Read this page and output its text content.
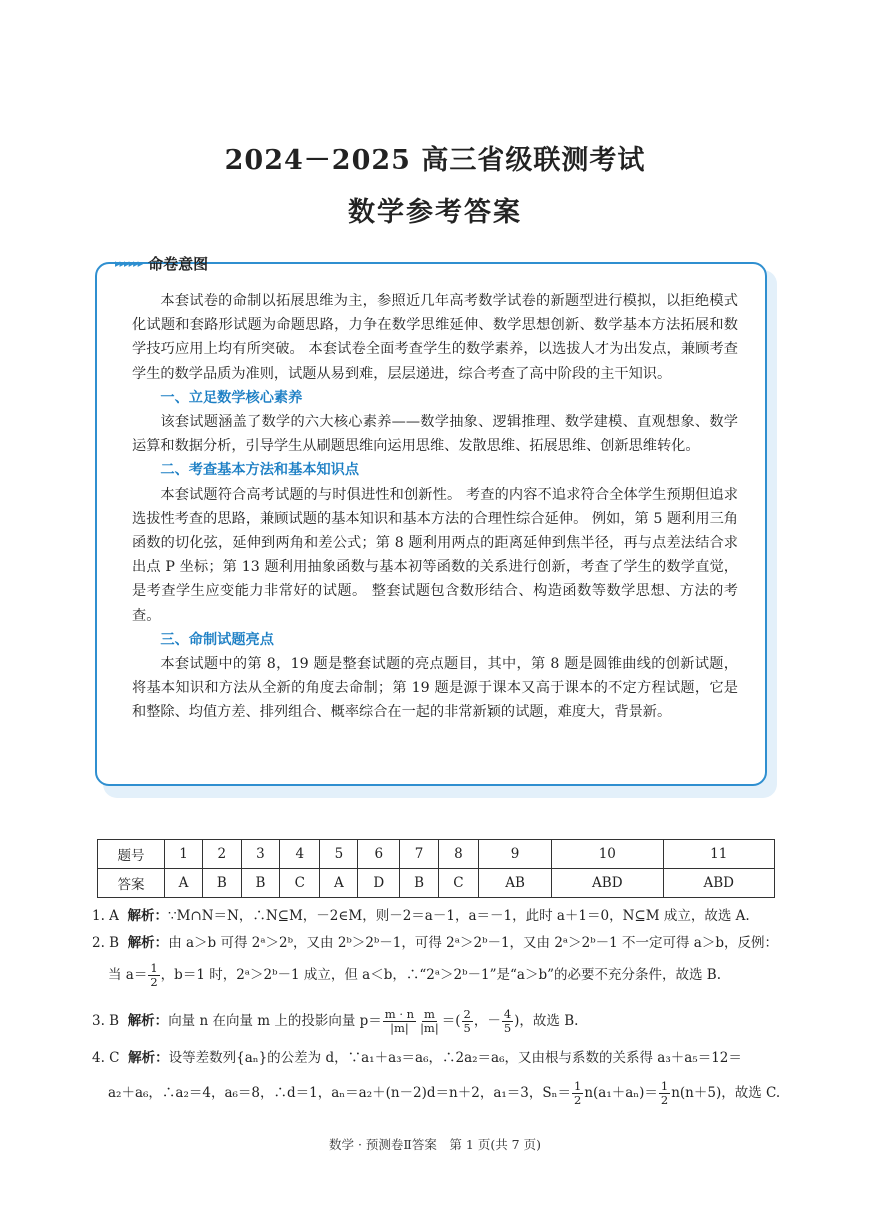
2024－2025 高三省级联测考试
数学参考答案
▸▸▸▸▸▸ 命卷意图

本套试卷的命制以拓展思维为主，参照近几年高考数学试卷的新题型进行模拟，以拒绝模式化试题和套路形试题为命题思路，力争在数学思维延伸、数学思想创新、数学基本方法拓展和数学技巧应用上均有所突破。 本套试卷全面考查学生的数学素养，以选拔人才为出发点，兼顾考查学生的数学品质为准则，试题从易到难，层层递进，综合考查了高中阶段的主干知识。

一、立足数学核心素养

该套试题涵盖了数学的六大核心素养——数学抽象、逻辑推理、数学建模、直观想象、数学运算和数据分析，引导学生从刷题思维向运用思维、发散思维、拓展思维、创新思维转化。

二、考查基本方法和基本知识点

本套试题符合高考试题的与时俱进性和创新性。 考查的内容不追求符合全体学生预期但追求选拔性考查的思路，兼顾试题的基本知识和基本方法的合理性综合延伸。 例如，第 5 题利用三角函数的切化弦，延伸到两角和差公式；第 8 题利用两点的距离延伸到焦半径，再与点差法结合求出点 P 坐标；第 13 题利用抽象函数与基本初等函数的关系进行创新，考查了学生的数学直觉，是考查学生应变能力非常好的试题。 整套试题包含数形结合、构造函数等数学思想、方法的考查。

三、命制试题亮点

本套试题中的第 8，19 题是整套试题的亮点题目，其中，第 8 题是圆锥曲线的创新试题，将基本知识和方法从全新的角度去命制；第 19 题是源于课本又高于课本的不定方程试题，它是和整除、均值方差、排列组合、概率综合在一起的非常新颖的试题，难度大，背景新。

题号	1	2	3	4	5	6	7	8	9	10	11
答案	A	B	B	C	A	D	B	C	AB	ABD	ABD
1. A 解析：∵M∩N＝N，∴N⊆M，－2∈M，则－2＝a－1，a＝－1，此时 a＋1＝0，N⊆M 成立，故选 A.
2. B 解析：由 a＞b 可得 2ᵃ＞2ᵇ，又由 2ᵇ＞2ᵇ－1，可得 2ᵃ＞2ᵇ－1，又由 2ᵃ＞2ᵇ－1 不一定可得 a＞b，反例：
当 $a= \frac{1}{2}$ ，b＝1 时，2ᵃ＞2ᵇ－1 成立，但 a＜b，∴“2ᵃ＞2ᵇ－1”是“a＞b”的必要不充分条件，故选 B.
3. B 解析：向量 n 在向量 m 上的投影向量 $p= \frac{m \cdot n}{|m|} \frac{m}{|m|}$ ＝( $\frac{2}{5}$ ，－ $\frac{4}{5}$ )，故选 B.
4. C 解析：设等差数列{aₙ}的公差为 d，∵a₁＋a₃＝a₆，∴2a₂＝a₆，又由根与系数的关系得 a₃＋a₅＝12＝
a₂＋a₆，∴a₂＝4，a₆＝8，∴d＝1，aₙ＝a₂＋(n－2)d＝n＋2，a₁＝3，$S_n= \frac{1}{2} n(a_1+a_n)= \frac{1}{2} n(n+5)$，故选 C.
数学 · 预测卷Ⅱ答案　第 1 页(共 7 页)
